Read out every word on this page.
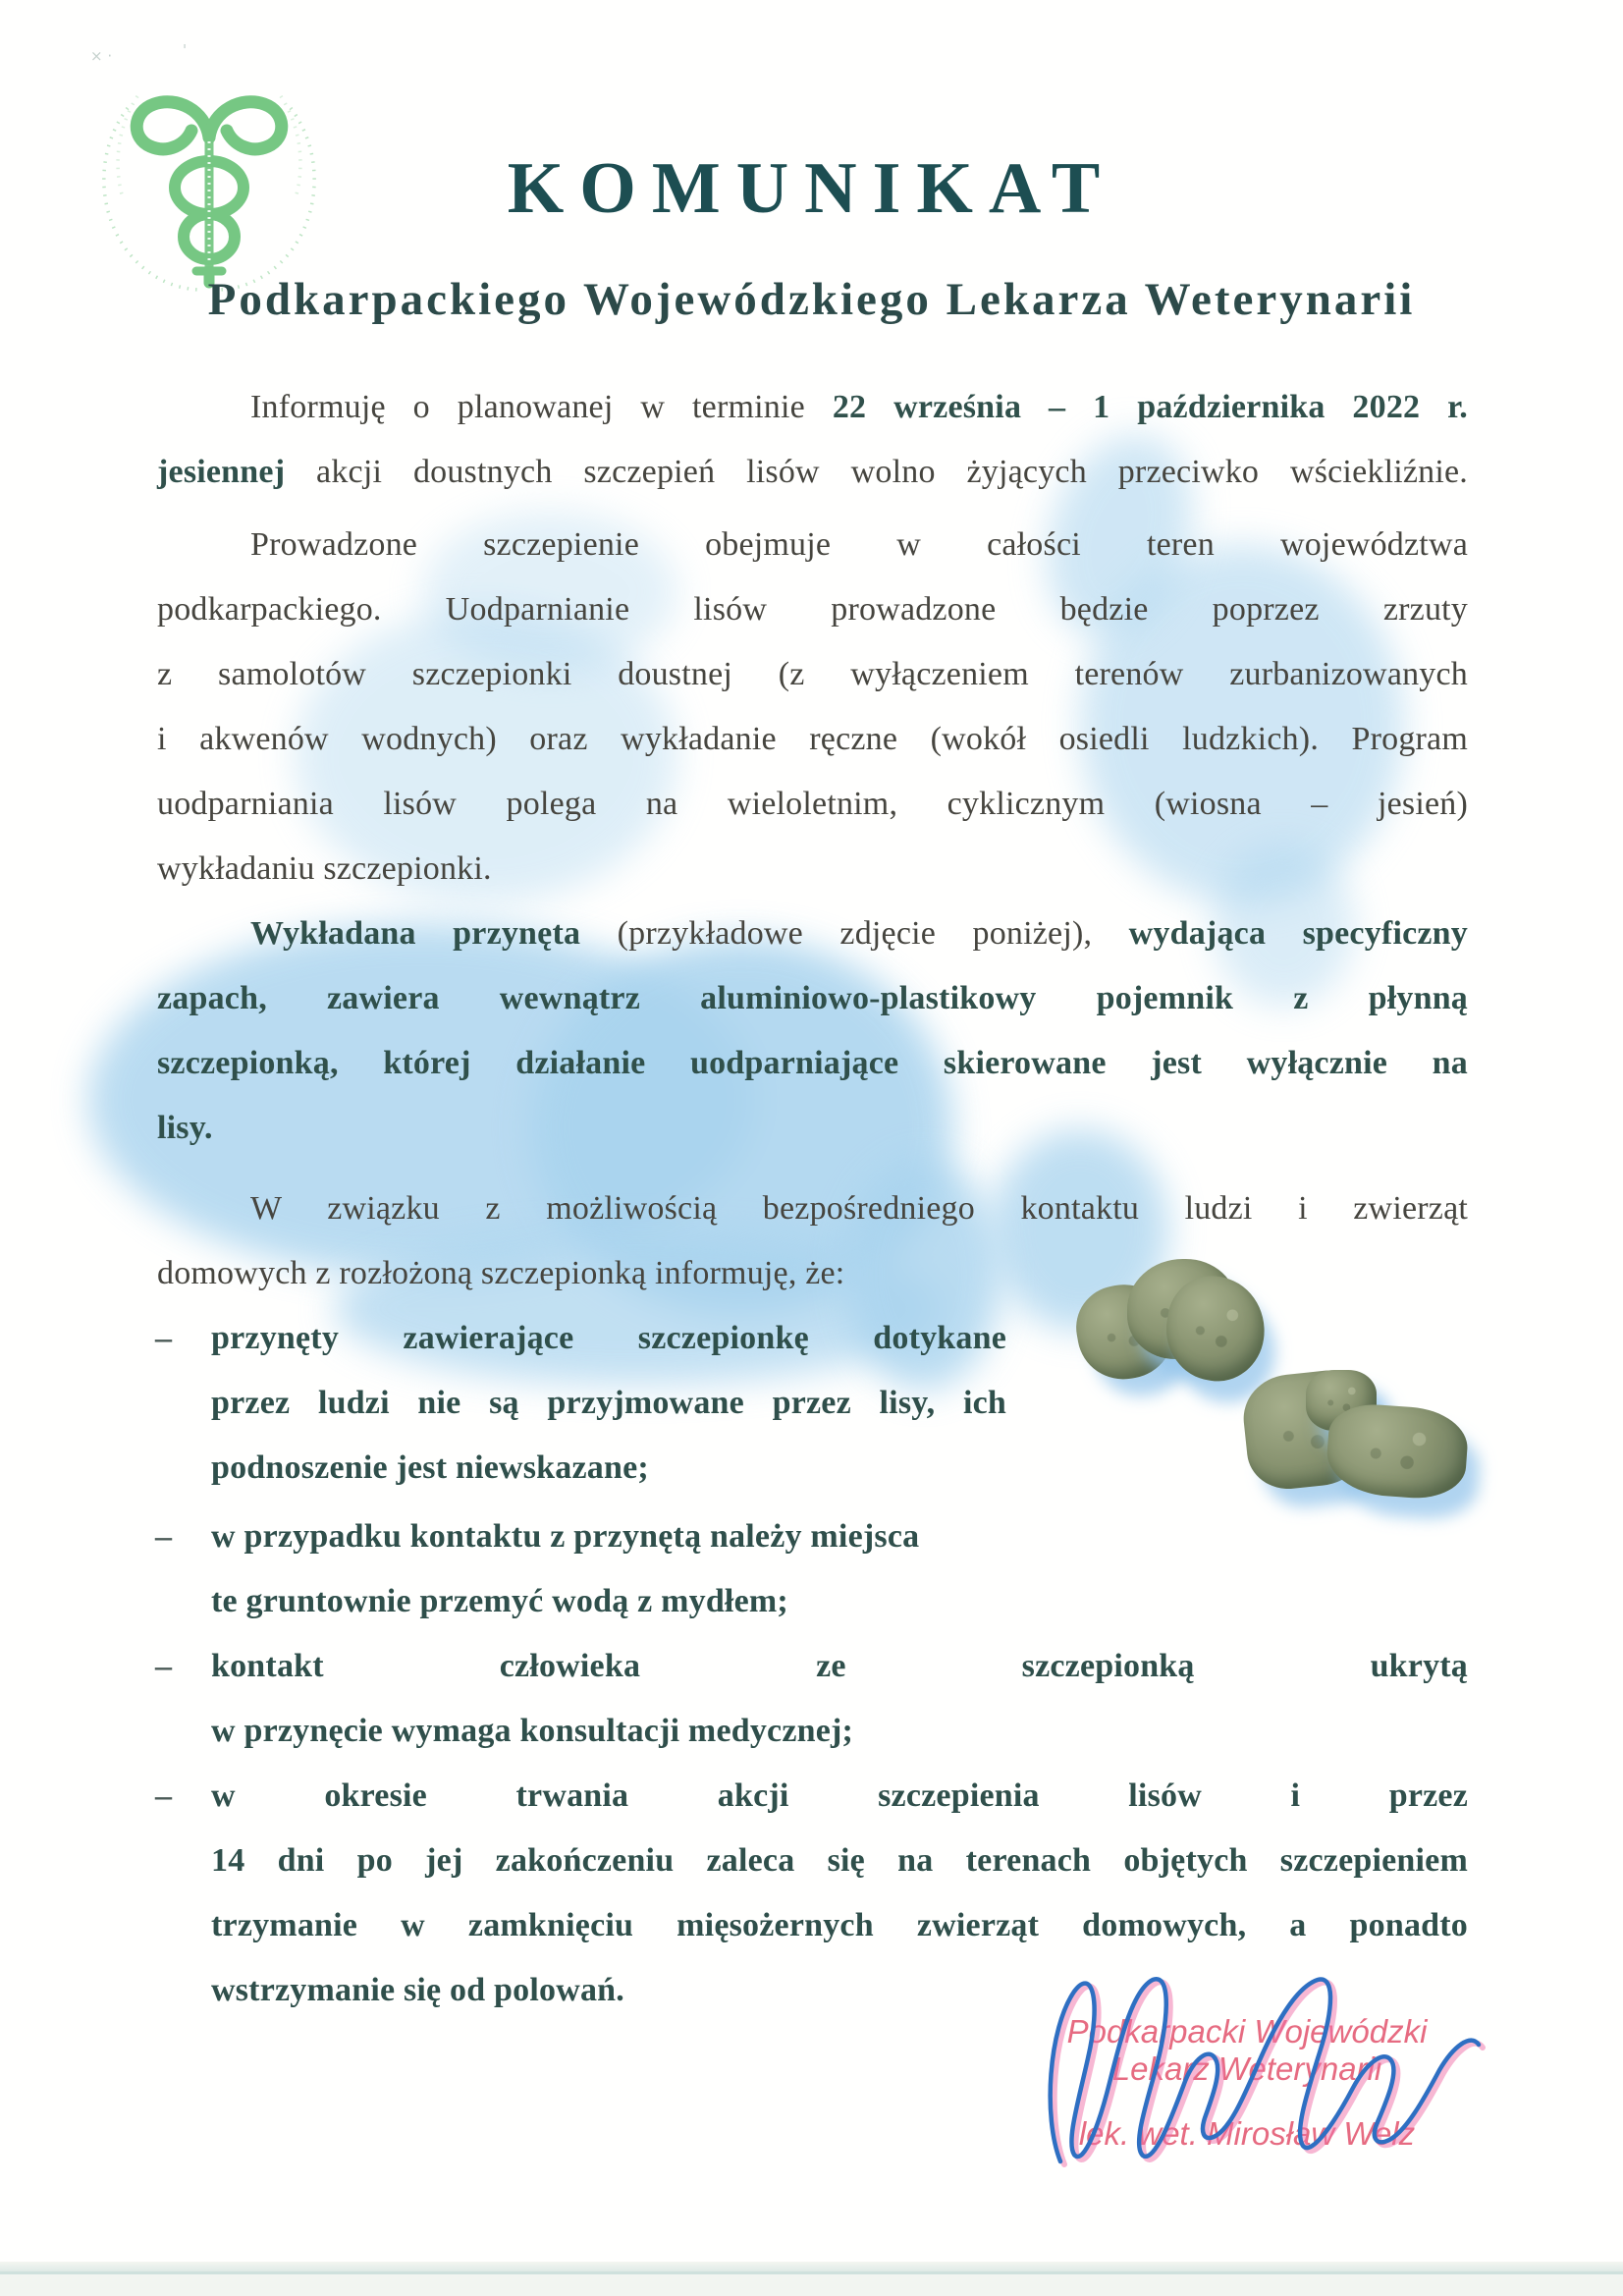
× ·	'
KOMUNIKAT
Podkarpackiego Wojewódzkiego Lekarza Weterynarii
Informuję o planowanej w terminie 22 września – 1 października 2022 r.
jesiennej akcji doustnych szczepień lisów wolno żyjących przeciwko wściekliźnie.
Prowadzone szczepienie obejmuje w całości teren województwa
podkarpackiego. Uodparnianie lisów prowadzone będzie poprzez zrzuty
z samolotów szczepionki doustnej (z wyłączeniem terenów zurbanizowanych
i akwenów wodnych) oraz wykładanie ręczne (wokół osiedli ludzkich). Program
uodparniania lisów polega na wieloletnim, cyklicznym (wiosna – jesień)
wykładaniu szczepionki.
Wykładana przynęta (przykładowe zdjęcie poniżej), wydająca specyficzny
zapach, zawiera wewnątrz aluminiowo-plastikowy pojemnik z płynną
szczepionką, której działanie uodparniające skierowane jest wyłącznie na
lisy.
W związku z możliwością bezpośredniego kontaktu ludzi i zwierząt
domowych z rozłożoną szczepionką informuję, że:
– przynęty zawierające szczepionkę dotykane
przez ludzi nie są przyjmowane przez lisy, ich
podnoszenie jest niewskazane;
– w przypadku kontaktu z przynętą należy miejsca
te gruntownie przemyć wodą z mydłem;
– kontakt człowieka ze szczepionką ukrytą
w przynęcie wymaga konsultacji medycznej;
– w okresie trwania akcji szczepienia lisów i przez
14 dni po jej zakończeniu zaleca się na terenach objętych szczepieniem
trzymanie w zamknięciu mięsożernych zwierząt domowych, a ponadto
wstrzymanie się od polowań.
Podkarpacki Wojewódzki
Lekarz Weterynarii
lek. wet. Mirosław Welz
